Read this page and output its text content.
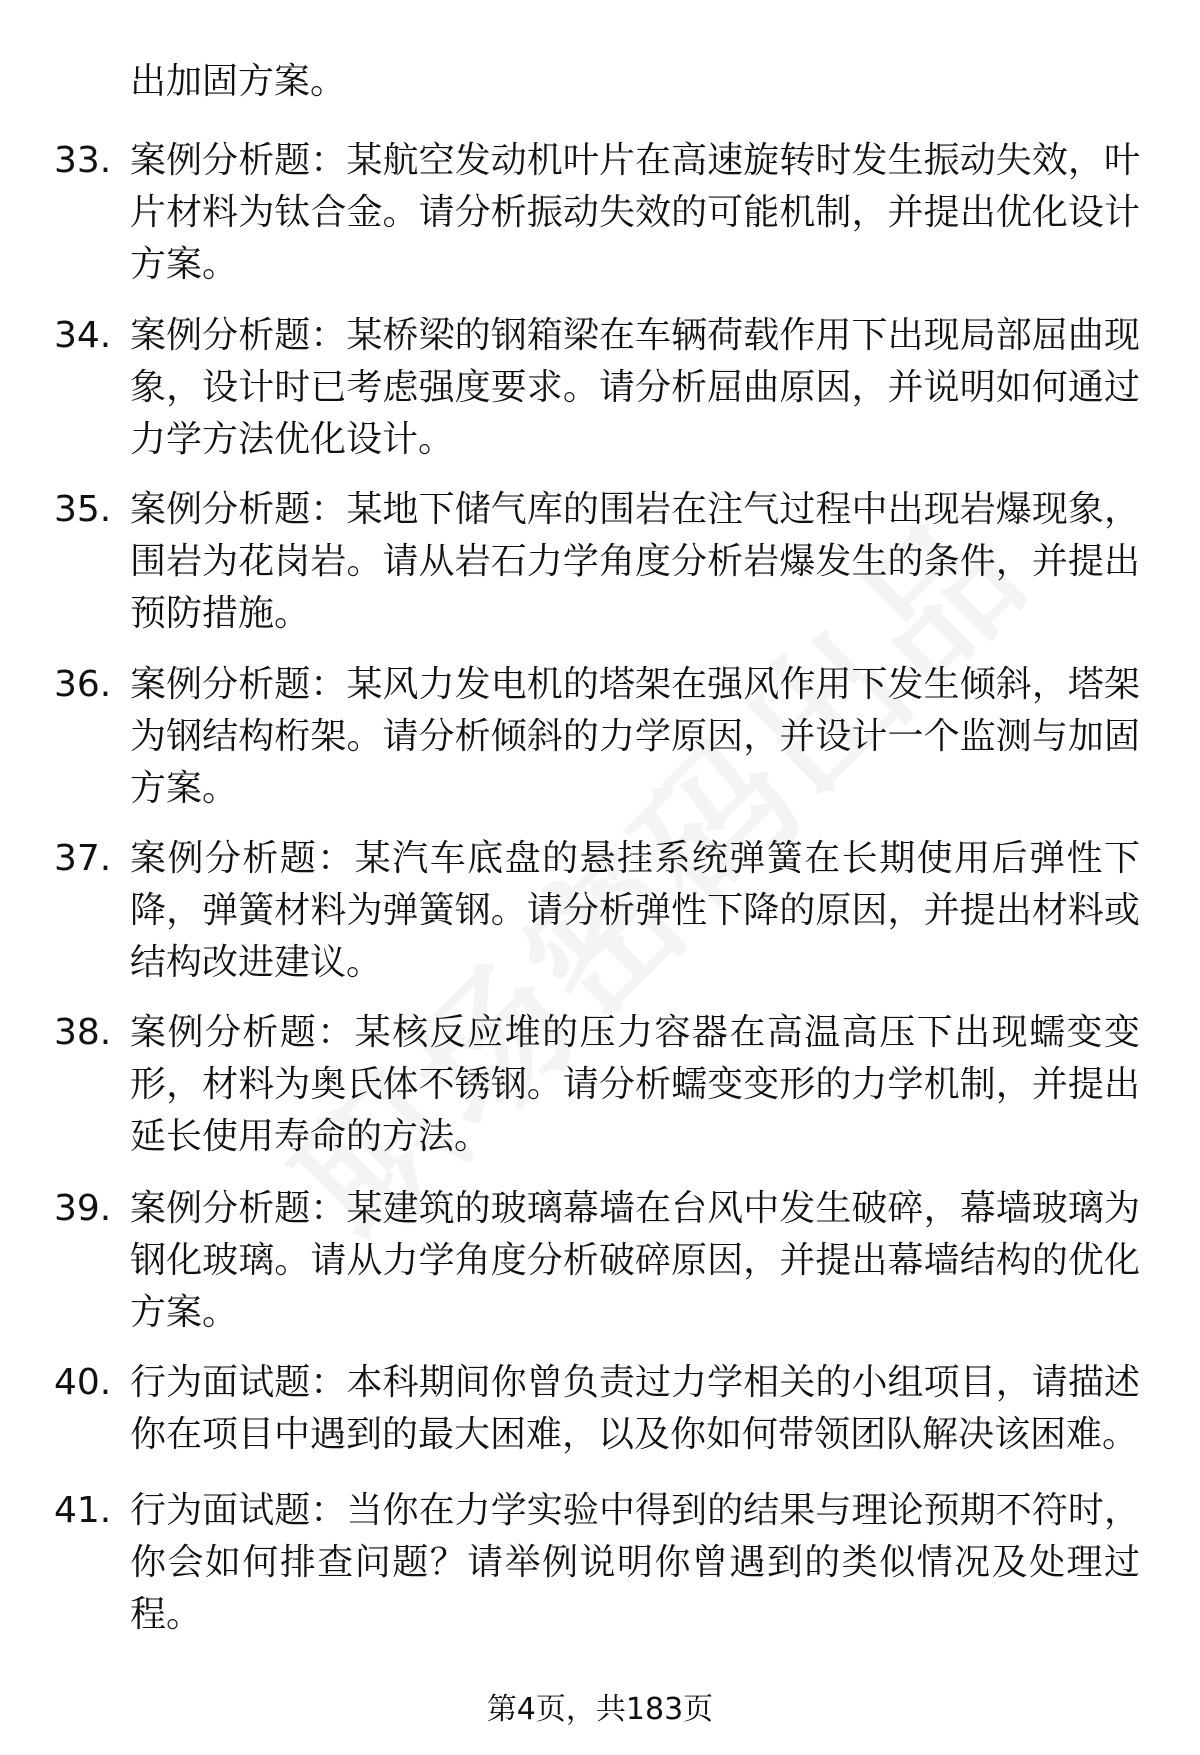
出加固方案。
33. 案例分析题：某航空发动机叶片在高速旋转时发生振动失效，叶片材料为钛合金。请分析振动失效的可能机制，并提出优化设计方案。
34. 案例分析题：某桥梁的钢箱梁在车辆荷载作用下出现局部屈曲现象，设计时已考虑强度要求。请分析屈曲原因，并说明如何通过力学方法优化设计。
35. 案例分析题：某地下储气库的围岩在注气过程中出现岩爆现象，围岩为花岗岩。请从岩石力学角度分析岩爆发生的条件，并提出预防措施。
36. 案例分析题：某风力发电机的塔架在强风作用下发生倾斜，塔架为钢结构桁架。请分析倾斜的力学原因，并设计一个监测与加固方案。
37. 案例分析题：某汽车底盘的悬挂系统弹簧在长期使用后弹性下降，弹簧材料为弹簧钢。请分析弹性下降的原因，并提出材料或结构改进建议。
38. 案例分析题：某核反应堆的压力容器在高温高压下出现蠕变变形，材料为奥氏体不锈钢。请分析蠕变变形的力学机制，并提出延长使用寿命的方法。
39. 案例分析题：某建筑的玻璃幕墙在台风中发生破碎，幕墙玻璃为钢化玻璃。请从力学角度分析破碎原因，并提出幕墙结构的优化方案。
40. 行为面试题：本科期间你曾负责过力学相关的小组项目，请描述你在项目中遇到的最大困难，以及你如何带领团队解决该困难。
41. 行为面试题：当你在力学实验中得到的结果与理论预期不符时，你会如何排查问题？请举例说明你曾遇到的类似情况及处理过程。
第4页，共183页
